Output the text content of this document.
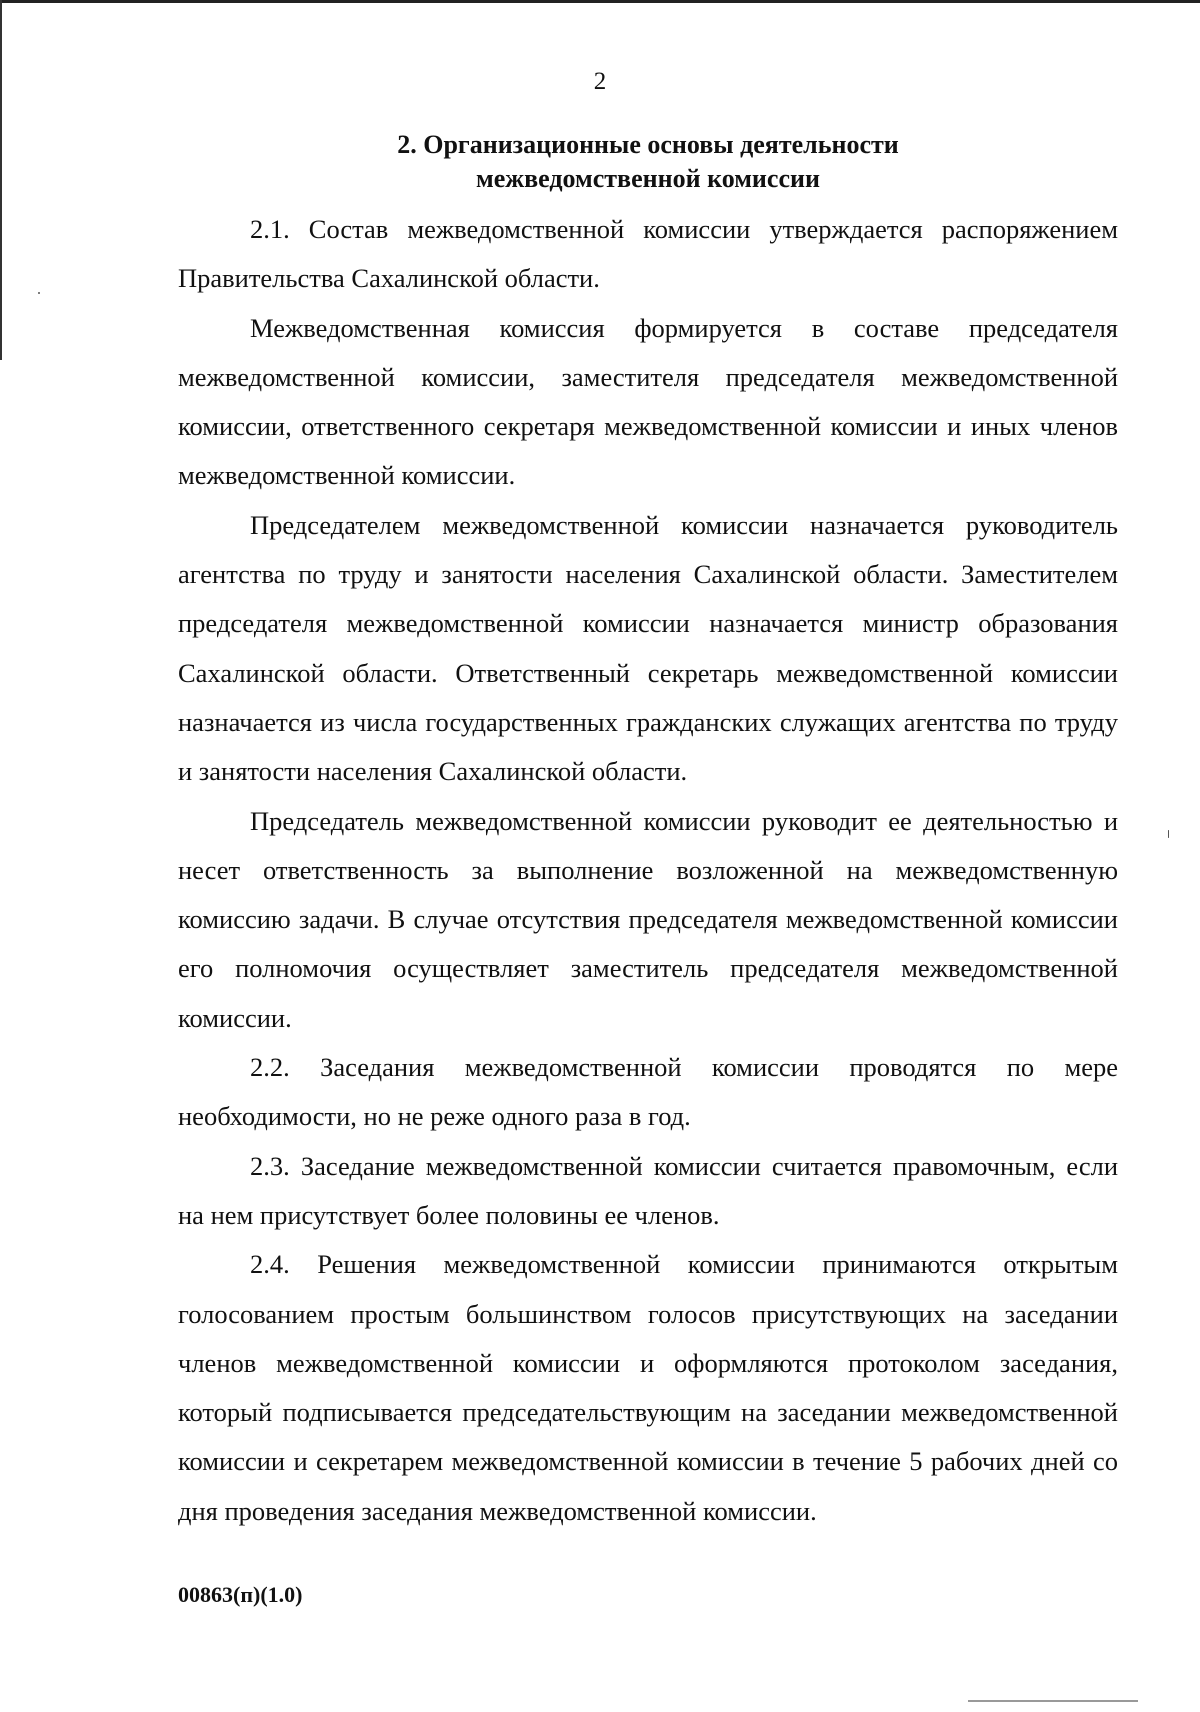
2
2. Организационные основы деятельности
межведомственной комиссии

2.1. Состав межведомственной комиссии утверждается распоряжением Правительства Сахалинской области.

Межведомственная комиссия формируется в составе председателя межведомственной комиссии, заместителя председателя межведомственной комиссии, ответственного секретаря межведомственной комиссии и иных членов межведомственной комиссии.

Председателем межведомственной комиссии назначается руководитель агентства по труду и занятости населения Сахалинской области. Заместителем председателя межведомственной комиссии назначается министр образования Сахалинской области. Ответственный секретарь межведомственной комиссии назначается из числа государственных гражданских служащих агентства по труду и занятости населения Сахалинской области.

Председатель межведомственной комиссии руководит ее деятельностью и несет ответственность за выполнение возложенной на межведомственную комиссию задачи. В случае отсутствия председателя межведомственной комиссии его полномочия осуществляет заместитель председателя межведомственной комиссии.

2.2. Заседания межведомственной комиссии проводятся по мере необходимости, но не реже одного раза в год.

2.3. Заседание межведомственной комиссии считается правомочным, если на нем присутствует более половины ее членов.

2.4. Решения межведомственной комиссии принимаются открытым голосованием простым большинством голосов присутствующих на заседании членов межведомственной комиссии и оформляются протоколом заседания, который подписывается председательствующим на заседании межведомственной комиссии и секретарем межведомственной комиссии в течение 5 рабочих дней со дня проведения заседания межведомственной комиссии.

00863(п)(1.0)
